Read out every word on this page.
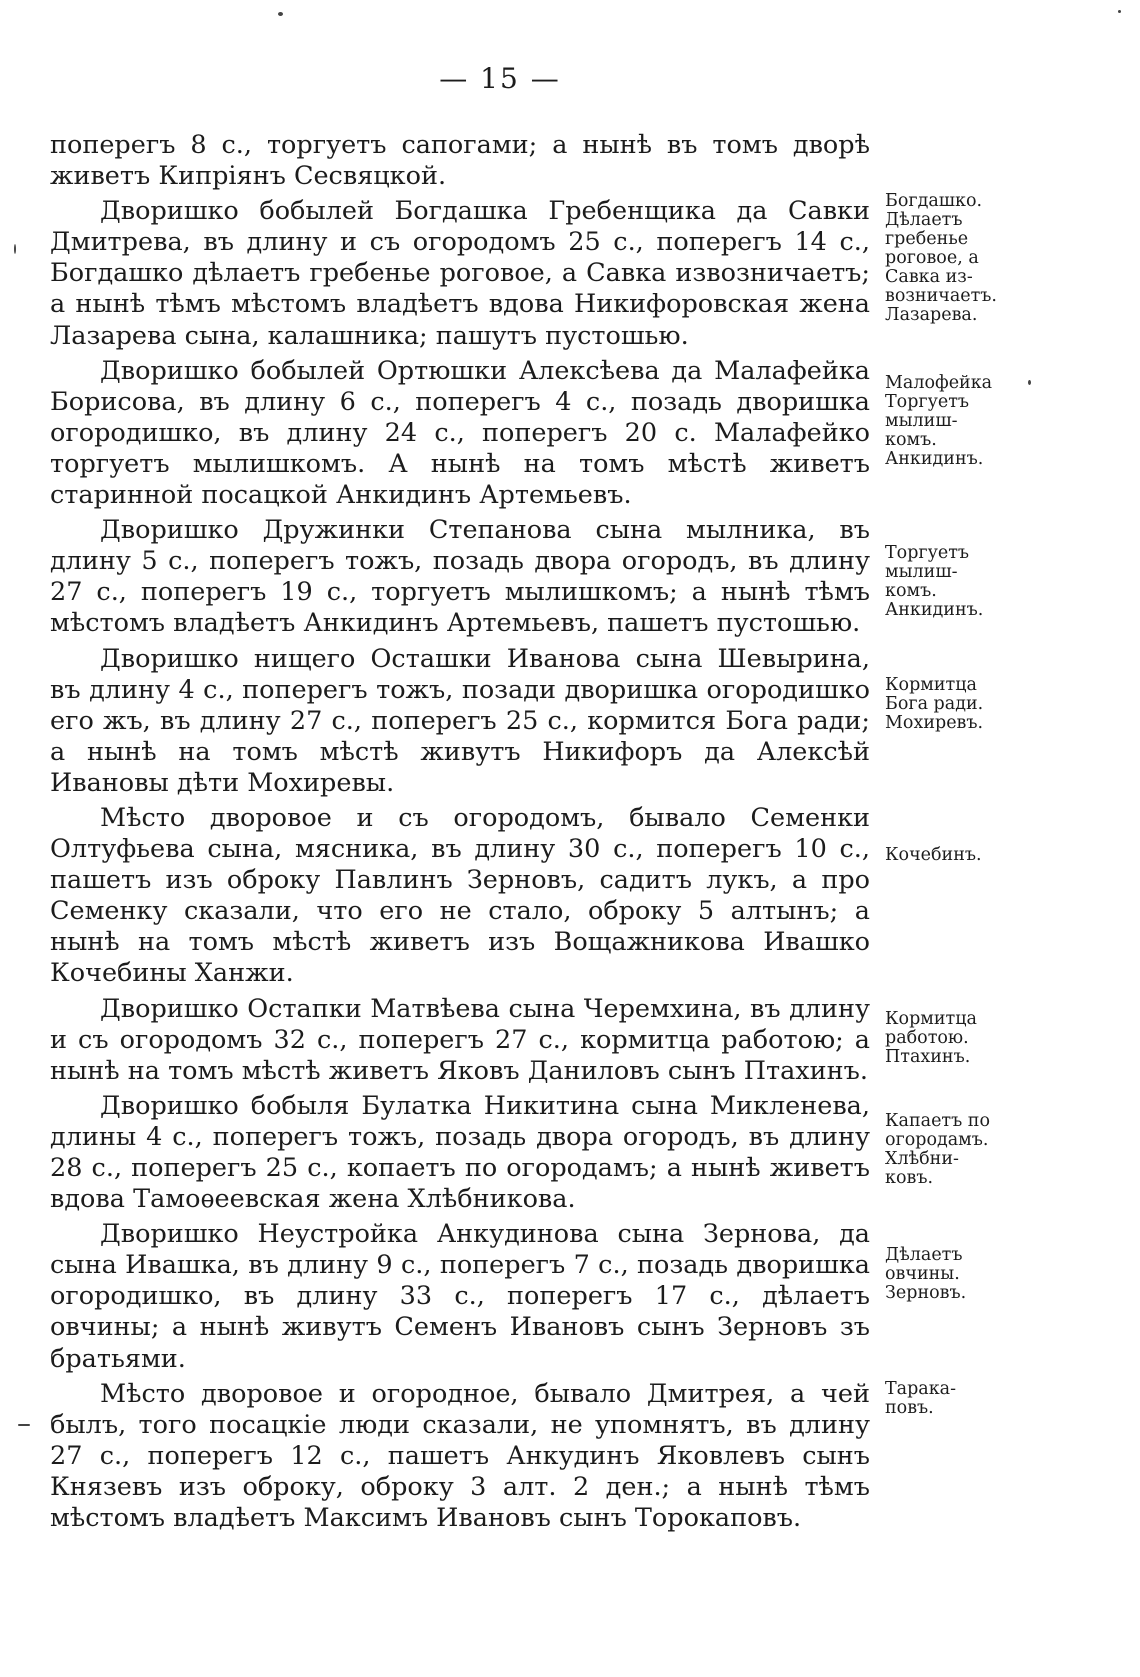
— 15 —

поперегъ 8 с., торгуетъ сапогами; а нынѣ въ томъ дворѣ живетъ Кипріянъ Сесвяцкой.

Дворишко бобылей Богдашка Гребенщика да Савки Дмитрева, въ длину и съ огородомъ 25 с., поперегъ 14 с., Богдашко дѣлаетъ гребенье роговое, а Савка извозничаетъ; а нынѣ тѣмъ мѣстомъ владѣетъ вдова Никифоровская жена Лазарева сына, калашника; пашутъ пустошью.

Дворишко бобылей Ортюшки Алексѣева да Малафейка Борисова, въ длину 6 с., поперегъ 4 с., позадь дворишка огородишко, въ длину 24 с., поперегъ 20 с. Малафейко торгуетъ мылишкомъ. А нынѣ на томъ мѣстѣ живетъ старинной посацкой Анкидинъ Артемьевъ.

Дворишко Дружинки Степанова сына мылника, въ длину 5 с., поперегъ тожъ, позадь двора огородъ, въ длину 27 с., поперегъ 19 с., торгуетъ мылишкомъ; а нынѣ тѣмъ мѣстомъ владѣетъ Анкидинъ Артемьевъ, пашетъ пустошью.

Дворишко нищего Осташки Иванова сына Шевырина, въ длину 4 с., поперегъ тожъ, позади дворишка огородишко его жъ, въ длину 27 с., поперегъ 25 с., кормится Бога ради; а нынѣ на томъ мѣстѣ живутъ Никифоръ да Алексѣй Ивановы дѣти Мохиревы.

Мѣсто дворовое и съ огородомъ, бывало Семенки Олтуфьева сына, мясника, въ длину 30 с., поперегъ 10 с., пашетъ изъ оброку Павлинъ Зерновъ, садитъ лукъ, а про Семенку сказали, что его не стало, оброку 5 алтынъ; а нынѣ на томъ мѣстѣ живетъ изъ Вощажникова Ивашко Кочебины Ханжи.

Дворишко Остапки Матвѣева сына Черемхина, въ длину и съ огородомъ 32 с., поперегъ 27 с., кормитца работою; а нынѣ на томъ мѣстѣ живетъ Яковъ Даниловъ сынъ Птахинъ.

Дворишко бобыля Булатка Никитина сына Микленева, длины 4 с., поперегъ тожъ, позадь двора огородъ, въ длину 28 с., поперегъ 25 с., копаетъ по огородамъ; а нынѣ живетъ вдова Тамоѳеевская жена Хлѣбникова.

Дворишко Неустройка Анкудинова сына Зернова, да сына Ивашка, въ длину 9 с., поперегъ 7 с., позадь дворишка огородишко, въ длину 33 с., поперегъ 17 с., дѣлаетъ овчины; а нынѣ живутъ Семенъ Ивановъ сынъ Зерновъ зъ братьями.

Мѣсто дворовое и огородное, бывало Дмитрея, а чей былъ, того посацкіе люди сказали, не упомнятъ, въ длину 27 с., поперегъ 12 с., пашетъ Анкудинъ Яковлевъ сынъ Князевъ изъ оброку, оброку 3 алт. 2 ден.; а нынѣ тѣмъ мѣстомъ владѣетъ Максимъ Ивановъ сынъ Торокаповъ.

Богдашко.
Дѣлаетъ
гребенье
роговое, а
Савка из-
возничаетъ.
Лазарева.
Малофейка
Торгуетъ
мылиш-
комъ.
Анкидинъ.
Торгуетъ
мылиш-
комъ.
Анкидинъ.
Кормитца
Бога ради.
Мохиревъ.
Кочебинъ.
Кормитца
работою.
Птахинъ.
Капаетъ по
огородамъ.
Хлѣбни-
ковъ.
Дѣлаетъ
овчины.
Зерновъ.
Тарака-
повъ.
